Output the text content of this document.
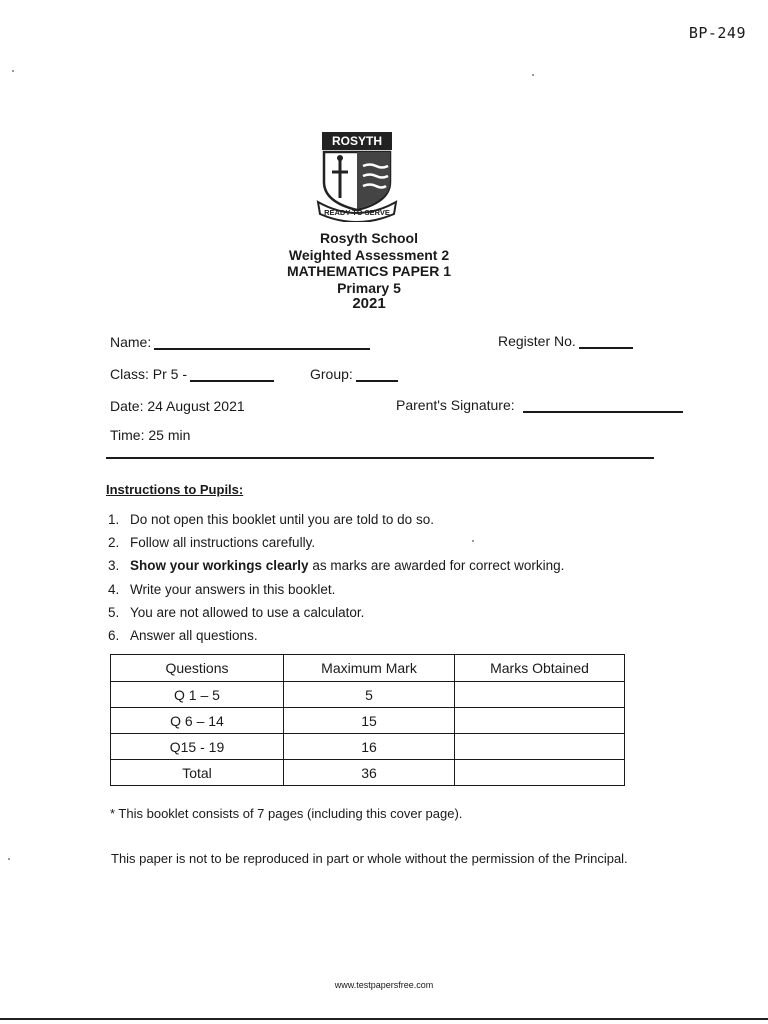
BP-249
ROSYTH
READY TO SERVE
Rosyth School
Weighted Assessment 2
MATHEMATICS PAPER 1
Primary 5
2021
Name:	Register No.
Class: Pr 5 -	Group:
Date: 24 August 2021	Parent's Signature:
Time: 25 min
Instructions to Pupils:
1. Do not open this booklet until you are told to do so.
2. Follow all instructions carefully.
3. Show your workings clearly as marks are awarded for correct working.
4. Write your answers in this booklet.
5. You are not allowed to use a calculator.
6. Answer all questions.
Questions	Maximum Mark	Marks Obtained
Q 1 – 5	5	
Q 6 – 14	15	
Q15 - 19	16	
Total	36	
* This booklet consists of 7 pages (including this cover page).
This paper is not to be reproduced in part or whole without the permission of the Principal.
www.testpapersfree.com
